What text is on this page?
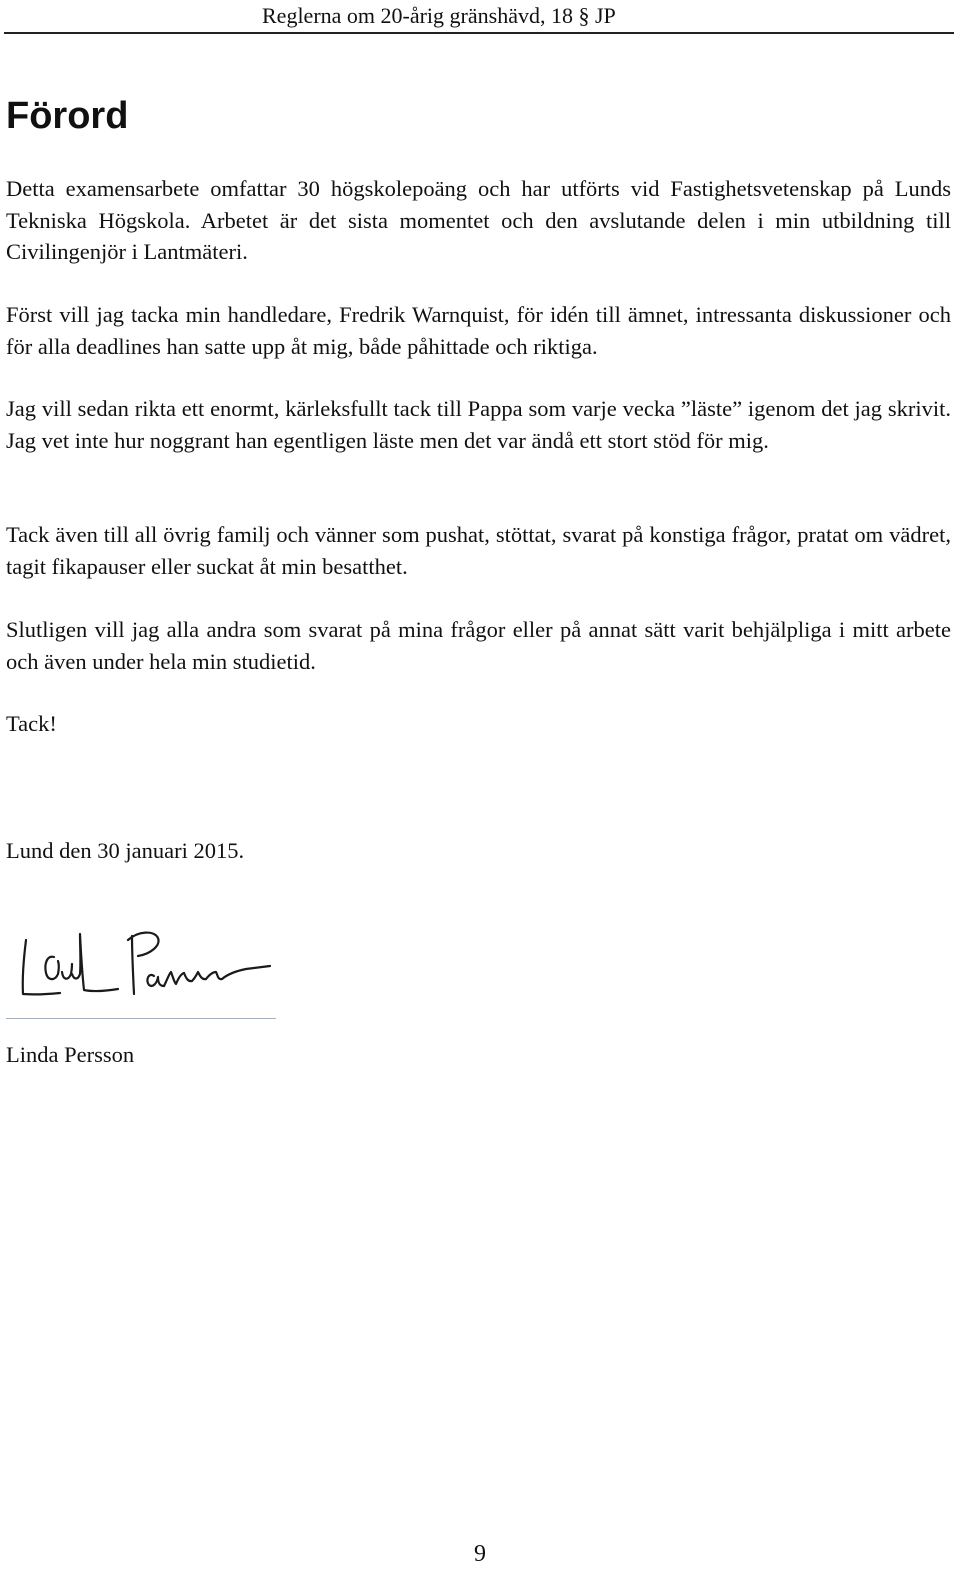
Reglerna om 20-årig gränshävd, 18 § JP
Förord

Detta examensarbete omfattar 30 högskolepoäng och har utförts vid Fastighetsvetenskap på Lunds Tekniska Högskola. Arbetet är det sista momentet och den avslutande delen i min utbildning till Civilingenjör i Lantmäteri.

Först vill jag tacka min handledare, Fredrik Warnquist, för idén till ämnet, intressanta diskussioner och för alla deadlines han satte upp åt mig, både påhittade och riktiga.

Jag vill sedan rikta ett enormt, kärleksfullt tack till Pappa som varje vecka ”läste” igenom det jag skrivit. Jag vet inte hur noggrant han egentligen läste men det var ändå ett stort stöd för mig.

Tack även till all övrig familj och vänner som pushat, stöttat, svarat på konstiga frågor, pratat om vädret, tagit fikapauser eller suckat åt min besatthet.

Slutligen vill jag alla andra som svarat på mina frågor eller på annat sätt varit behjälpliga i mitt arbete och även under hela min studietid.

Tack!

Lund den 30 januari 2015.

Linda Persson

9
